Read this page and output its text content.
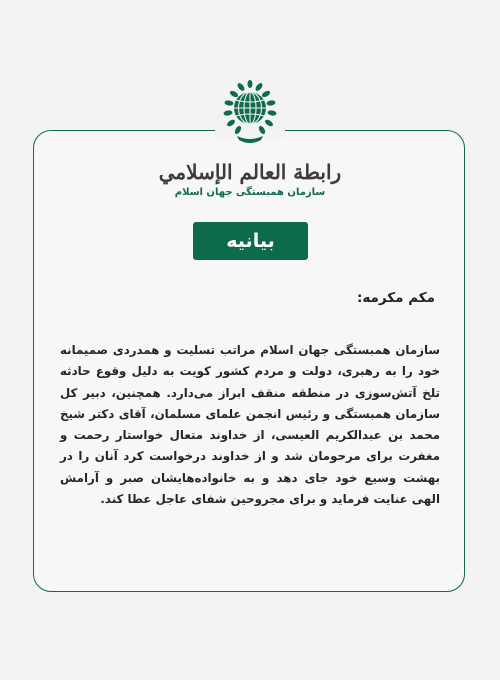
رابطة العالم الإسلامي
سازمان همبستگی جهان اسلام
بیانیه
مکم مکرمه:
سازمان همبستگی جهان اسلام مراتب تسلیت و همدردی صمیمانه خود را به رهبری، دولت و مردم کشور کویت به دلیل وقوع حادثه تلخ آتش‌سوزی در منطقه منقف ابراز می‌دارد. همچنین، دبیر کل سازمان همبستگی و رئیس انجمن علمای مسلمان، آقای دکتر شیخ محمد بن عبدالکریم العیسی، از خداوند متعال خواستار رحمت و مغفرت برای مرحومان شد و از خداوند درخواست کرد آنان را در بهشت وسیع خود جای دهد و به خانواده‌هایشان صبر و آرامش الهی عنایت فرماید و برای مجروحین شفای عاجل عطا کند.
